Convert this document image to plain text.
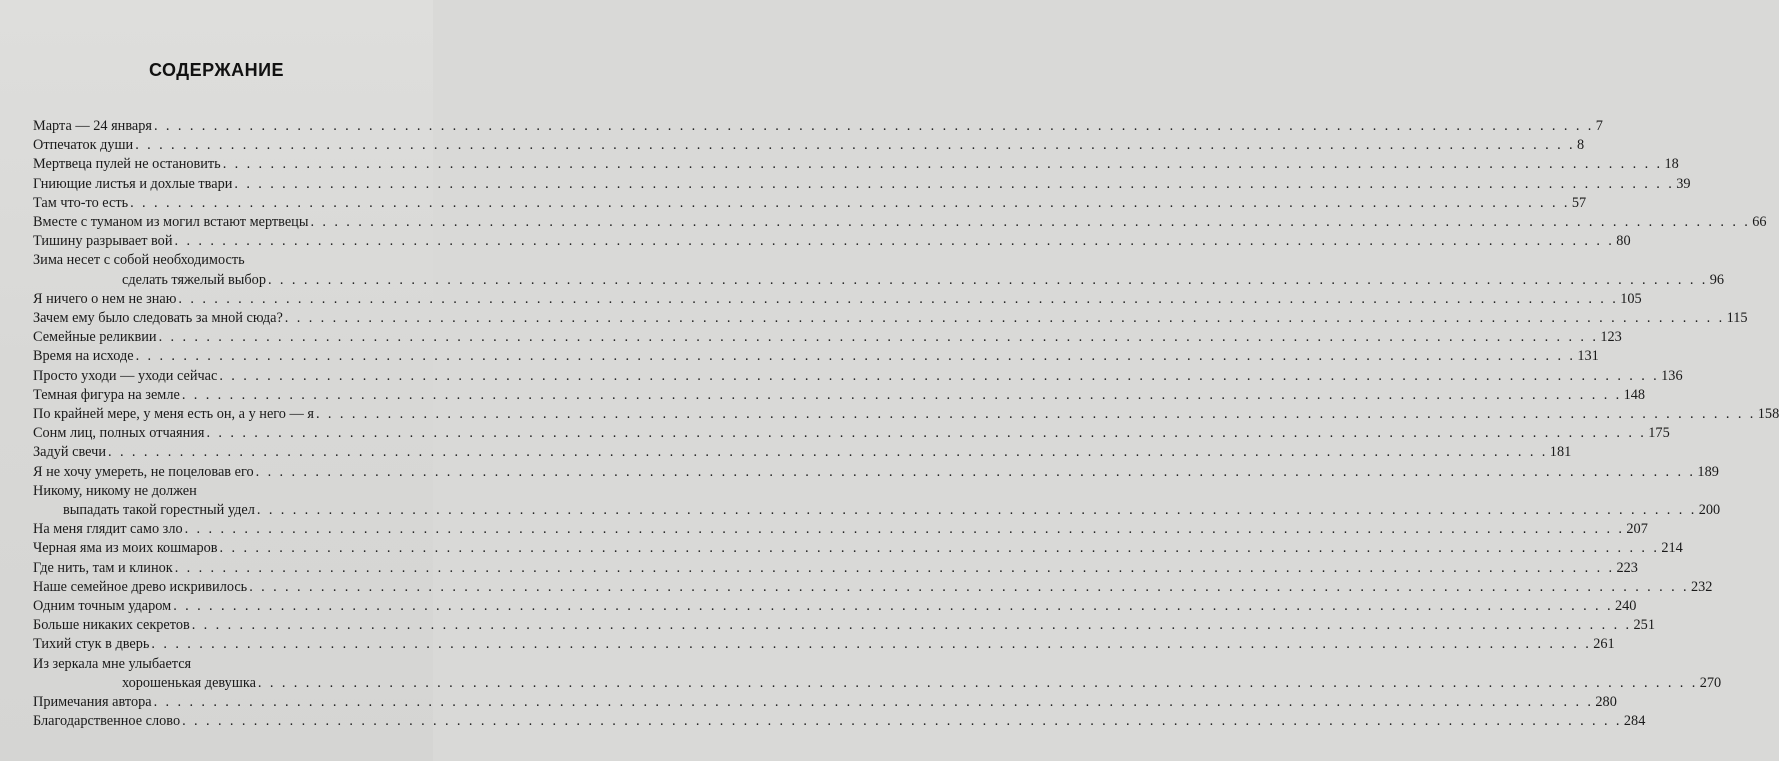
СОДЕРЖАНИЕ
Марта — 24 января . . . . . . . . . . . . . . . . . . . . . . . . . . . . . . . . . . . . . . . . . . . . . . . . . . . . . . . . . . . . . . . . . . . . . . . . . . . . . . . . . . . . . . . . . . . . . . . . . . . . . . . . . . . . . . . . . . . . . . . . . 7
Отпечаток души . . . . . . . . . . . . . . . . . . . . . . . . . . . . . . . . . . . . . . . . . . . . . . . . . . . . . . . . . . . . . . . . . . . . . . . . . . . . . . . . . . . . . . . . . . . . . . . . . . . . . . . . . . . . . . . . . . . . . . . . . 8
Мертвеца пулей не остановить . . . . . . . . . . . . . . . . . . . . . . . . . . . . . . . . . . . . . . . . . . . . . . . . . . . . . . . . . . . . . . . . . . . . . . . . . . . . . . . . . . . . . . . . . . . . . . . . . . . . . . . . . . . . . . . . . . . . . . . . . 18
Гниющие листья и дохлые твари . . . . . . . . . . . . . . . . . . . . . . . . . . . . . . . . . . . . . . . . . . . . . . . . . . . . . . . . . . . . . . . . . . . . . . . . . . . . . . . . . . . . . . . . . . . . . . . . . . . . . . . . . . . . . . . . . . . . . . . . . 39
Там что-то есть . . . . . . . . . . . . . . . . . . . . . . . . . . . . . . . . . . . . . . . . . . . . . . . . . . . . . . . . . . . . . . . . . . . . . . . . . . . . . . . . . . . . . . . . . . . . . . . . . . . . . . . . . . . . . . . . . . . . . . . . . 57
Вместе с туманом из могил встают мертвецы . . . . . . . . . . . . . . . . . . . . . . . . . . . . . . . . . . . . . . . . . . . . . . . . . . . . . . . . . . . . . . . . . . . . . . . . . . . . . . . . . . . . . . . . . . . . . . . . . . . . . . . . . . . . . . . . . . . . . . . . . 66
Тишину разрывает вой . . . . . . . . . . . . . . . . . . . . . . . . . . . . . . . . . . . . . . . . . . . . . . . . . . . . . . . . . . . . . . . . . . . . . . . . . . . . . . . . . . . . . . . . . . . . . . . . . . . . . . . . . . . . . . . . . . . . . . . . . 80
Зима несет с собой необходимость
сделать тяжелый выбор . . . . . . . . . . . . . . . . . . . . . . . . . . . . . . . . . . . . . . . . . . . . . . . . . . . . . . . . . . . . . . . . . . . . . . . . . . . . . . . . . . . . . . . . . . . . . . . . . . . . . . . . . . . . . . . . . . . . . . . . . 96
Я ничего о нем не знаю . . . . . . . . . . . . . . . . . . . . . . . . . . . . . . . . . . . . . . . . . . . . . . . . . . . . . . . . . . . . . . . . . . . . . . . . . . . . . . . . . . . . . . . . . . . . . . . . . . . . . . . . . . . . . . . . . . . . . . . . . 105
Зачем ему было следовать за мной сюда? . . . . . . . . . . . . . . . . . . . . . . . . . . . . . . . . . . . . . . . . . . . . . . . . . . . . . . . . . . . . . . . . . . . . . . . . . . . . . . . . . . . . . . . . . . . . . . . . . . . . . . . . . . . . . . . . . . . . . . . . . 115
Семейные реликвии . . . . . . . . . . . . . . . . . . . . . . . . . . . . . . . . . . . . . . . . . . . . . . . . . . . . . . . . . . . . . . . . . . . . . . . . . . . . . . . . . . . . . . . . . . . . . . . . . . . . . . . . . . . . . . . . . . . . . . . . . 123
Время на исходе . . . . . . . . . . . . . . . . . . . . . . . . . . . . . . . . . . . . . . . . . . . . . . . . . . . . . . . . . . . . . . . . . . . . . . . . . . . . . . . . . . . . . . . . . . . . . . . . . . . . . . . . . . . . . . . . . . . . . . . . . 131
Просто уходи — уходи сейчас . . . . . . . . . . . . . . . . . . . . . . . . . . . . . . . . . . . . . . . . . . . . . . . . . . . . . . . . . . . . . . . . . . . . . . . . . . . . . . . . . . . . . . . . . . . . . . . . . . . . . . . . . . . . . . . . . . . . . . . . . 136
Темная фигура на земле . . . . . . . . . . . . . . . . . . . . . . . . . . . . . . . . . . . . . . . . . . . . . . . . . . . . . . . . . . . . . . . . . . . . . . . . . . . . . . . . . . . . . . . . . . . . . . . . . . . . . . . . . . . . . . . . . . . . . . . . . 148
По крайней мере, у меня есть он, а у него — я . . . . . . . . . . . . . . . . . . . . . . . . . . . . . . . . . . . . . . . . . . . . . . . . . . . . . . . . . . . . . . . . . . . . . . . . . . . . . . . . . . . . . . . . . . . . . . . . . . . . . . . . . . . . . . . . . . . . . . . . . 158
Сонм лиц, полных отчаяния . . . . . . . . . . . . . . . . . . . . . . . . . . . . . . . . . . . . . . . . . . . . . . . . . . . . . . . . . . . . . . . . . . . . . . . . . . . . . . . . . . . . . . . . . . . . . . . . . . . . . . . . . . . . . . . . . . . . . . . . . 175
Задуй свечи . . . . . . . . . . . . . . . . . . . . . . . . . . . . . . . . . . . . . . . . . . . . . . . . . . . . . . . . . . . . . . . . . . . . . . . . . . . . . . . . . . . . . . . . . . . . . . . . . . . . . . . . . . . . . . . . . . . . . . . . . 181
Я не хочу умереть, не поцеловав его . . . . . . . . . . . . . . . . . . . . . . . . . . . . . . . . . . . . . . . . . . . . . . . . . . . . . . . . . . . . . . . . . . . . . . . . . . . . . . . . . . . . . . . . . . . . . . . . . . . . . . . . . . . . . . . . . . . . . . . . . 189
Никому, никому не должен
выпадать такой горестный удел . . . . . . . . . . . . . . . . . . . . . . . . . . . . . . . . . . . . . . . . . . . . . . . . . . . . . . . . . . . . . . . . . . . . . . . . . . . . . . . . . . . . . . . . . . . . . . . . . . . . . . . . . . . . . . . . . . . . . . . . . 200
На меня глядит само зло . . . . . . . . . . . . . . . . . . . . . . . . . . . . . . . . . . . . . . . . . . . . . . . . . . . . . . . . . . . . . . . . . . . . . . . . . . . . . . . . . . . . . . . . . . . . . . . . . . . . . . . . . . . . . . . . . . . . . . . . . 207
Черная яма из моих кошмаров . . . . . . . . . . . . . . . . . . . . . . . . . . . . . . . . . . . . . . . . . . . . . . . . . . . . . . . . . . . . . . . . . . . . . . . . . . . . . . . . . . . . . . . . . . . . . . . . . . . . . . . . . . . . . . . . . . . . . . . . . 214
Где нить, там и клинок . . . . . . . . . . . . . . . . . . . . . . . . . . . . . . . . . . . . . . . . . . . . . . . . . . . . . . . . . . . . . . . . . . . . . . . . . . . . . . . . . . . . . . . . . . . . . . . . . . . . . . . . . . . . . . . . . . . . . . . . . 223
Наше семейное древо искривилось . . . . . . . . . . . . . . . . . . . . . . . . . . . . . . . . . . . . . . . . . . . . . . . . . . . . . . . . . . . . . . . . . . . . . . . . . . . . . . . . . . . . . . . . . . . . . . . . . . . . . . . . . . . . . . . . . . . . . . . . . 232
Одним точным ударом . . . . . . . . . . . . . . . . . . . . . . . . . . . . . . . . . . . . . . . . . . . . . . . . . . . . . . . . . . . . . . . . . . . . . . . . . . . . . . . . . . . . . . . . . . . . . . . . . . . . . . . . . . . . . . . . . . . . . . . . . 240
Больше никаких секретов . . . . . . . . . . . . . . . . . . . . . . . . . . . . . . . . . . . . . . . . . . . . . . . . . . . . . . . . . . . . . . . . . . . . . . . . . . . . . . . . . . . . . . . . . . . . . . . . . . . . . . . . . . . . . . . . . . . . . . . . . 251
Тихий стук в дверь . . . . . . . . . . . . . . . . . . . . . . . . . . . . . . . . . . . . . . . . . . . . . . . . . . . . . . . . . . . . . . . . . . . . . . . . . . . . . . . . . . . . . . . . . . . . . . . . . . . . . . . . . . . . . . . . . . . . . . . . . 261
Из зеркала мне улыбается
хорошенькая девушка . . . . . . . . . . . . . . . . . . . . . . . . . . . . . . . . . . . . . . . . . . . . . . . . . . . . . . . . . . . . . . . . . . . . . . . . . . . . . . . . . . . . . . . . . . . . . . . . . . . . . . . . . . . . . . . . . . . . . . . . . 270
Примечания автора . . . . . . . . . . . . . . . . . . . . . . . . . . . . . . . . . . . . . . . . . . . . . . . . . . . . . . . . . . . . . . . . . . . . . . . . . . . . . . . . . . . . . . . . . . . . . . . . . . . . . . . . . . . . . . . . . . . . . . . . . 280
Благодарственное слово . . . . . . . . . . . . . . . . . . . . . . . . . . . . . . . . . . . . . . . . . . . . . . . . . . . . . . . . . . . . . . . . . . . . . . . . . . . . . . . . . . . . . . . . . . . . . . . . . . . . . . . . . . . . . . . . . . . . . . . . . 284
